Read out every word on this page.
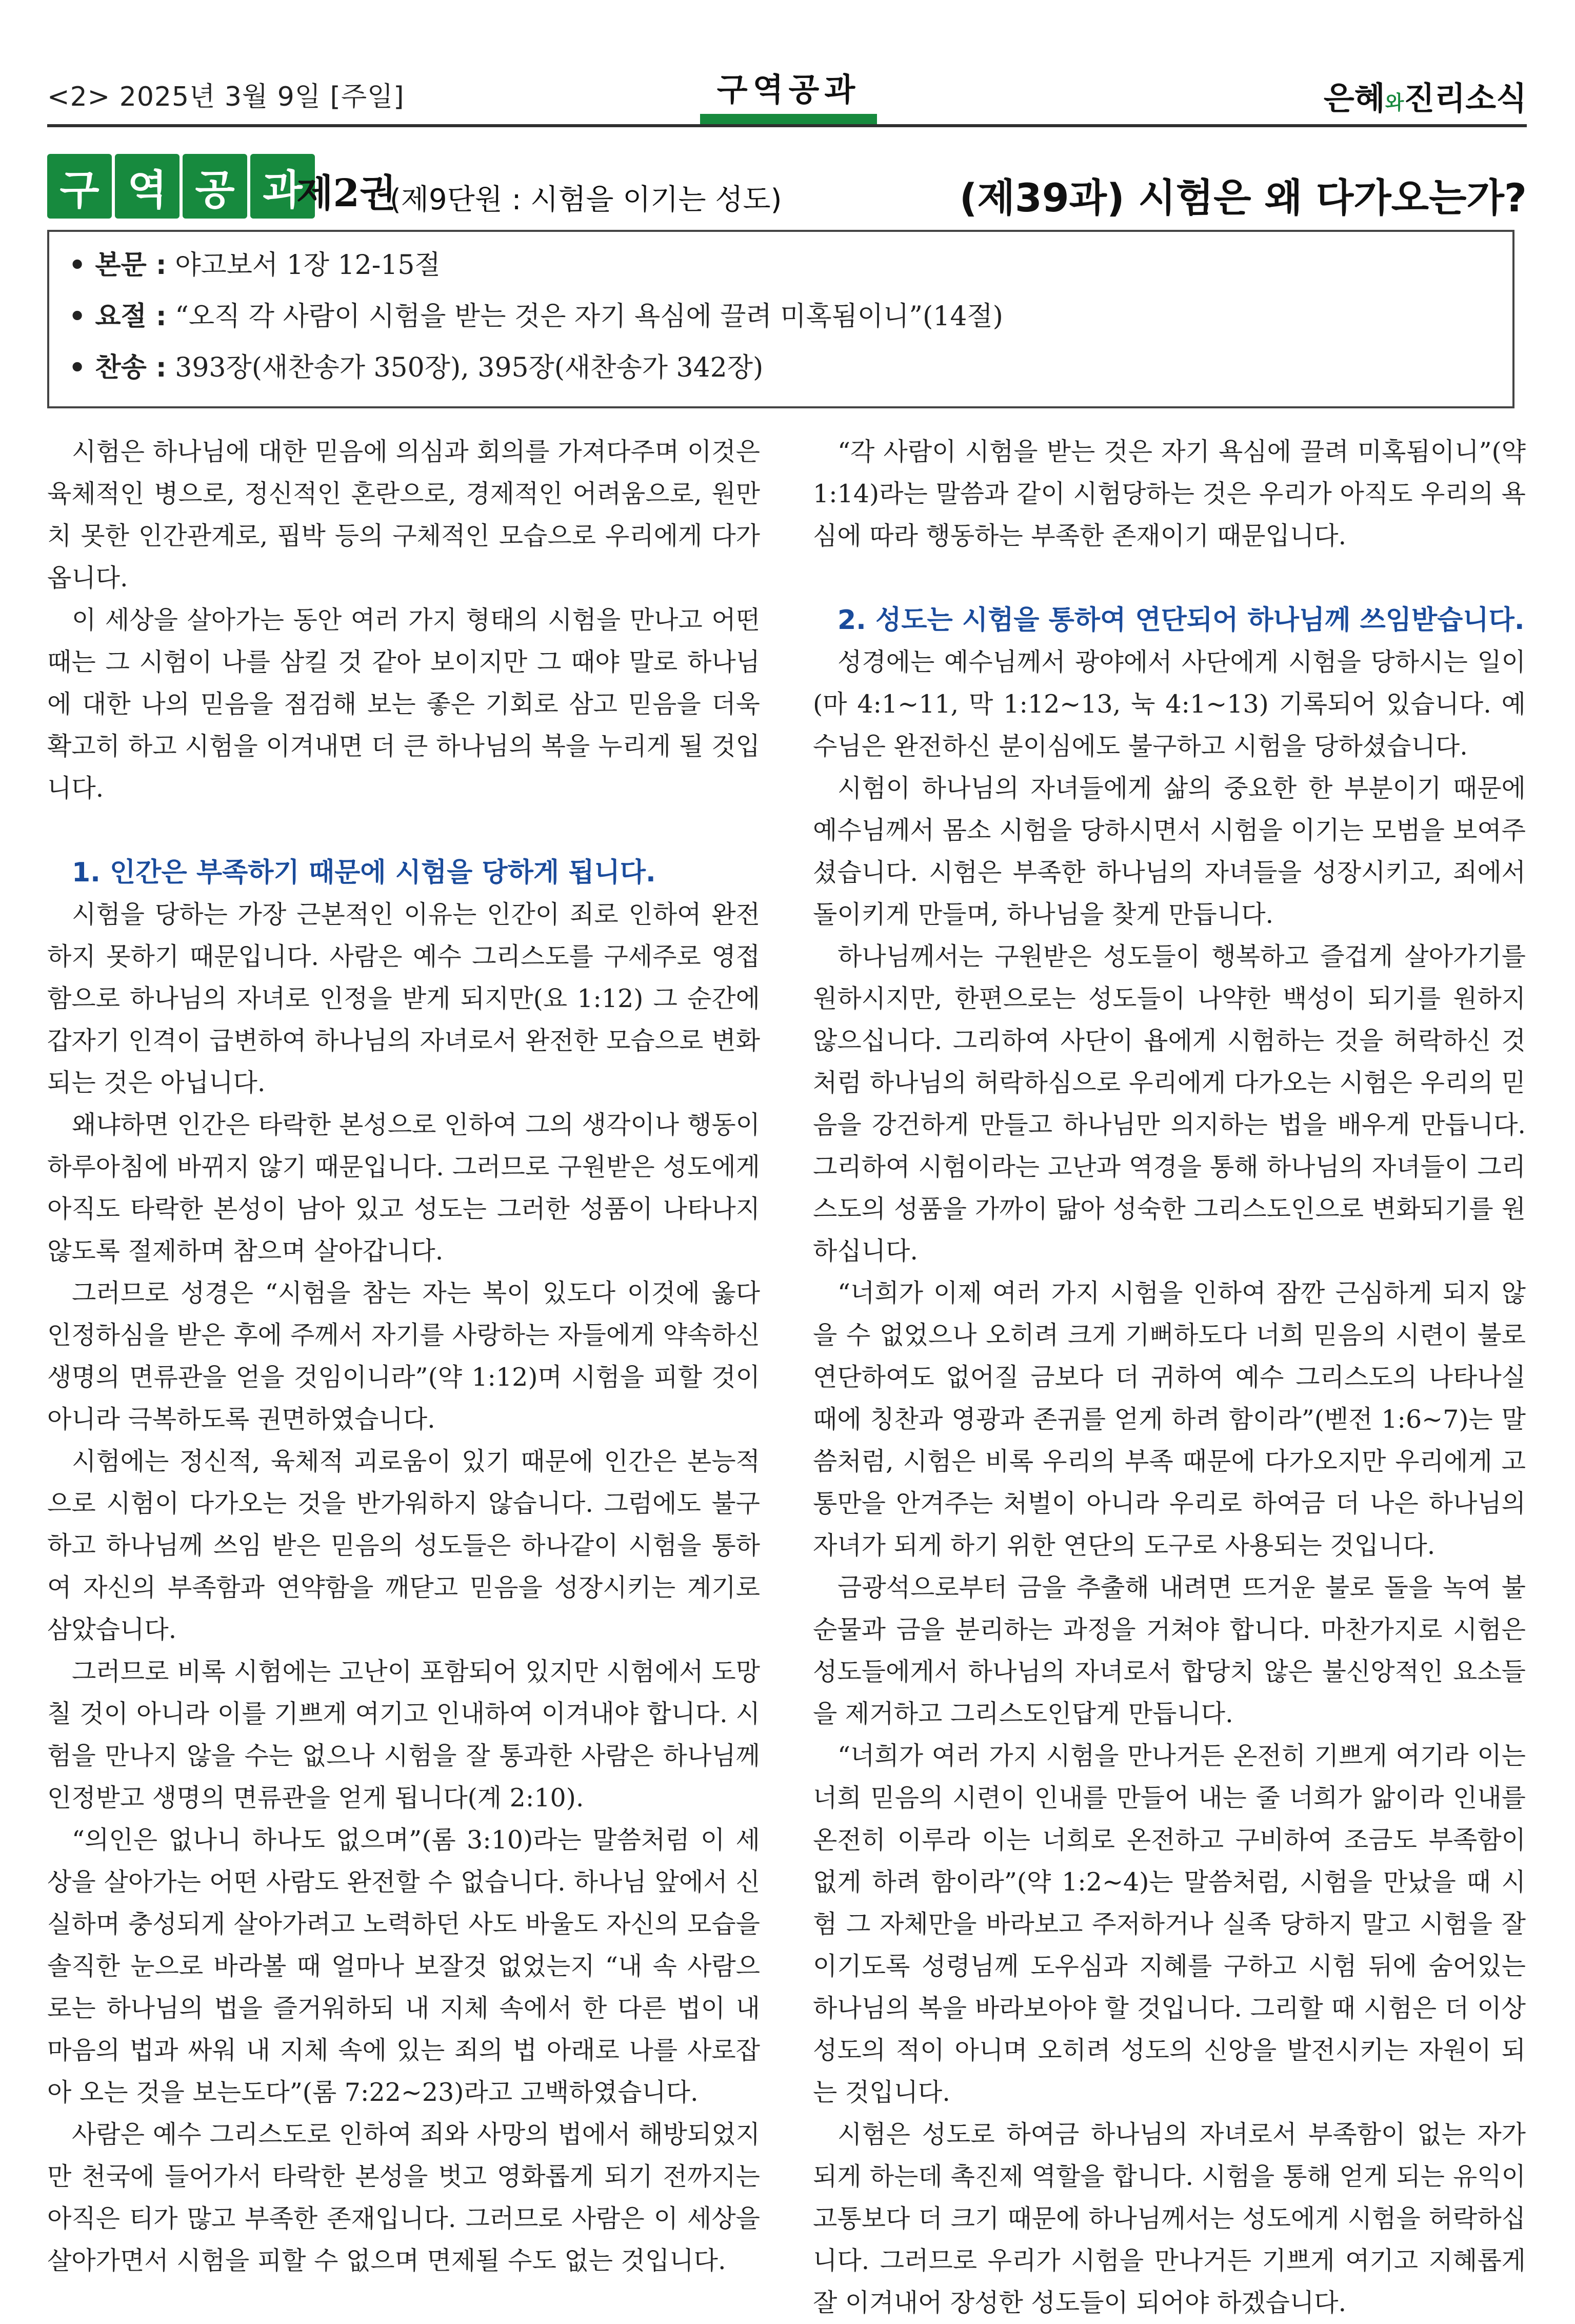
<2> 2025년 3월 9일 [주일]	구역공과	은혜와진리소식
구 역 공 과
제2권
(제9단원 : 시험을 이기는 성도)	(제39과) 시험은 왜 다가오는가?
• 본문 : 야고보서 1장 12-15절
• 요절 : “오직 각 사람이 시험을 받는 것은 자기 욕심에 끌려 미혹됨이니”(14절)
• 찬송 : 393장(새찬송가 350장), 395장(새찬송가 342장)

시험은 하나님에 대한 믿음에 의심과 회의를 가져다주며 이것은 육체적인 병으로, 정신적인 혼란으로, 경제적인 어려움으로, 원만치 못한 인간관계로, 핍박 등의 구체적인 모습으로 우리에게 다가옵니다.

이 세상을 살아가는 동안 여러 가지 형태의 시험을 만나고 어떤 때는 그 시험이 나를 삼킬 것 같아 보이지만 그 때야 말로 하나님에 대한 나의 믿음을 점검해 보는 좋은 기회로 삼고 믿음을 더욱 확고히 하고 시험을 이겨내면 더 큰 하나님의 복을 누리게 될 것입니다.

1. 인간은 부족하기 때문에 시험을 당하게 됩니다.

시험을 당하는 가장 근본적인 이유는 인간이 죄로 인하여 완전하지 못하기 때문입니다. 사람은 예수 그리스도를 구세주로 영접함으로 하나님의 자녀로 인정을 받게 되지만(요 1:12) 그 순간에 갑자기 인격이 급변하여 하나님의 자녀로서 완전한 모습으로 변화되는 것은 아닙니다.

왜냐하면 인간은 타락한 본성으로 인하여 그의 생각이나 행동이 하루아침에 바뀌지 않기 때문입니다. 그러므로 구원받은 성도에게 아직도 타락한 본성이 남아 있고 성도는 그러한 성품이 나타나지 않도록 절제하며 참으며 살아갑니다.

그러므로 성경은 “시험을 참는 자는 복이 있도다 이것에 옳다 인정하심을 받은 후에 주께서 자기를 사랑하는 자들에게 약속하신 생명의 면류관을 얻을 것임이니라”(약 1:12)며 시험을 피할 것이 아니라 극복하도록 권면하였습니다.

시험에는 정신적, 육체적 괴로움이 있기 때문에 인간은 본능적으로 시험이 다가오는 것을 반가워하지 않습니다. 그럼에도 불구하고 하나님께 쓰임 받은 믿음의 성도들은 하나같이 시험을 통하여 자신의 부족함과 연약함을 깨닫고 믿음을 성장시키는 계기로 삼았습니다.

그러므로 비록 시험에는 고난이 포함되어 있지만 시험에서 도망칠 것이 아니라 이를 기쁘게 여기고 인내하여 이겨내야 합니다. 시험을 만나지 않을 수는 없으나 시험을 잘 통과한 사람은 하나님께 인정받고 생명의 면류관을 얻게 됩니다(계 2:10).

“의인은 없나니 하나도 없으며”(롬 3:10)라는 말씀처럼 이 세상을 살아가는 어떤 사람도 완전할 수 없습니다. 하나님 앞에서 신실하며 충성되게 살아가려고 노력하던 사도 바울도 자신의 모습을 솔직한 눈으로 바라볼 때 얼마나 보잘것 없었는지 “내 속 사람으로는 하나님의 법을 즐거워하되 내 지체 속에서 한 다른 법이 내 마음의 법과 싸워 내 지체 속에 있는 죄의 법 아래로 나를 사로잡아 오는 것을 보는도다”(롬 7:22~23)라고 고백하였습니다.

사람은 예수 그리스도로 인하여 죄와 사망의 법에서 해방되었지만 천국에 들어가서 타락한 본성을 벗고 영화롭게 되기 전까지는 아직은 티가 많고 부족한 존재입니다. 그러므로 사람은 이 세상을 살아가면서 시험을 피할 수 없으며 면제될 수도 없는 것입니다.

“각 사람이 시험을 받는 것은 자기 욕심에 끌려 미혹됨이니”(약 1:14)라는 말씀과 같이 시험당하는 것은 우리가 아직도 우리의 욕심에 따라 행동하는 부족한 존재이기 때문입니다.

2. 성도는 시험을 통하여 연단되어 하나님께 쓰임받습니다.

성경에는 예수님께서 광야에서 사단에게 시험을 당하시는 일이(마 4:1~11, 막 1:12~13, 눅 4:1~13) 기록되어 있습니다. 예수님은 완전하신 분이심에도 불구하고 시험을 당하셨습니다.

시험이 하나님의 자녀들에게 삶의 중요한 한 부분이기 때문에 예수님께서 몸소 시험을 당하시면서 시험을 이기는 모범을 보여주셨습니다. 시험은 부족한 하나님의 자녀들을 성장시키고, 죄에서 돌이키게 만들며, 하나님을 찾게 만듭니다.

하나님께서는 구원받은 성도들이 행복하고 즐겁게 살아가기를 원하시지만, 한편으로는 성도들이 나약한 백성이 되기를 원하지 않으십니다. 그리하여 사단이 욥에게 시험하는 것을 허락하신 것처럼 하나님의 허락하심으로 우리에게 다가오는 시험은 우리의 믿음을 강건하게 만들고 하나님만 의지하는 법을 배우게 만듭니다. 그리하여 시험이라는 고난과 역경을 통해 하나님의 자녀들이 그리스도의 성품을 가까이 닮아 성숙한 그리스도인으로 변화되기를 원하십니다.

“너희가 이제 여러 가지 시험을 인하여 잠깐 근심하게 되지 않을 수 없었으나 오히려 크게 기뻐하도다 너희 믿음의 시련이 불로 연단하여도 없어질 금보다 더 귀하여 예수 그리스도의 나타나실 때에 칭찬과 영광과 존귀를 얻게 하려 함이라”(벧전 1:6~7)는 말씀처럼, 시험은 비록 우리의 부족 때문에 다가오지만 우리에게 고통만을 안겨주는 처벌이 아니라 우리로 하여금 더 나은 하나님의 자녀가 되게 하기 위한 연단의 도구로 사용되는 것입니다.

금광석으로부터 금을 추출해 내려면 뜨거운 불로 돌을 녹여 불순물과 금을 분리하는 과정을 거쳐야 합니다. 마찬가지로 시험은 성도들에게서 하나님의 자녀로서 합당치 않은 불신앙적인 요소들을 제거하고 그리스도인답게 만듭니다.

“너희가 여러 가지 시험을 만나거든 온전히 기쁘게 여기라 이는 너희 믿음의 시련이 인내를 만들어 내는 줄 너희가 앎이라 인내를 온전히 이루라 이는 너희로 온전하고 구비하여 조금도 부족함이 없게 하려 함이라”(약 1:2~4)는 말씀처럼, 시험을 만났을 때 시험 그 자체만을 바라보고 주저하거나 실족 당하지 말고 시험을 잘 이기도록 성령님께 도우심과 지혜를 구하고 시험 뒤에 숨어있는 하나님의 복을 바라보아야 할 것입니다. 그리할 때 시험은 더 이상 성도의 적이 아니며 오히려 성도의 신앙을 발전시키는 자원이 되는 것입니다.

시험은 성도로 하여금 하나님의 자녀로서 부족함이 없는 자가 되게 하는데 촉진제 역할을 합니다. 시험을 통해 얻게 되는 유익이 고통보다 더 크기 때문에 하나님께서는 성도에게 시험을 허락하십니다. 그러므로 우리가 시험을 만나거든 기쁘게 여기고 지혜롭게 잘 이겨내어 장성한 성도들이 되어야 하겠습니다.
